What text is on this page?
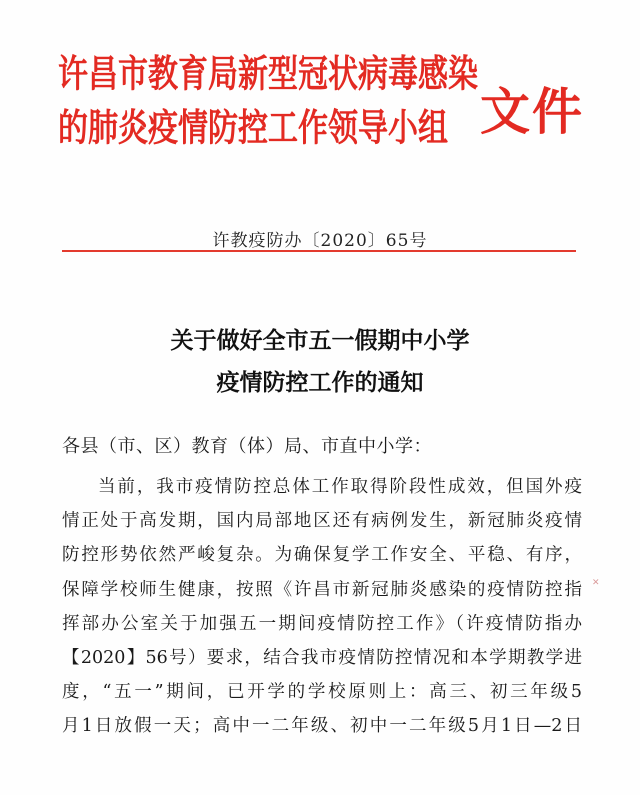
许昌市教育局新型冠状病毒感染
的肺炎疫情防控工作领导小组 文件
许教疫防办〔2020〕65号
关于做好全市五一假期中小学
疫情防控工作的通知
各县（市、区）教育（体）局、市直中小学：
当前，我市疫情防控总体工作取得阶段性成效，但国外疫
情正处于高发期，国内局部地区还有病例发生，新冠肺炎疫情
防控形势依然严峻复杂。为确保复学工作安全、平稳、有序，
保障学校师生健康，按照《许昌市新冠肺炎感染的疫情防控指
挥部办公室关于加强五一期间疫情防控工作》（许疫情防指办
【2020】56号）要求，结合我市疫情防控情况和本学期教学进
度，“五一”期间，已开学的学校原则上：高三、初三年级5
月1日放假一天；高中一二年级、初中一二年级5月1日—2日
✕
